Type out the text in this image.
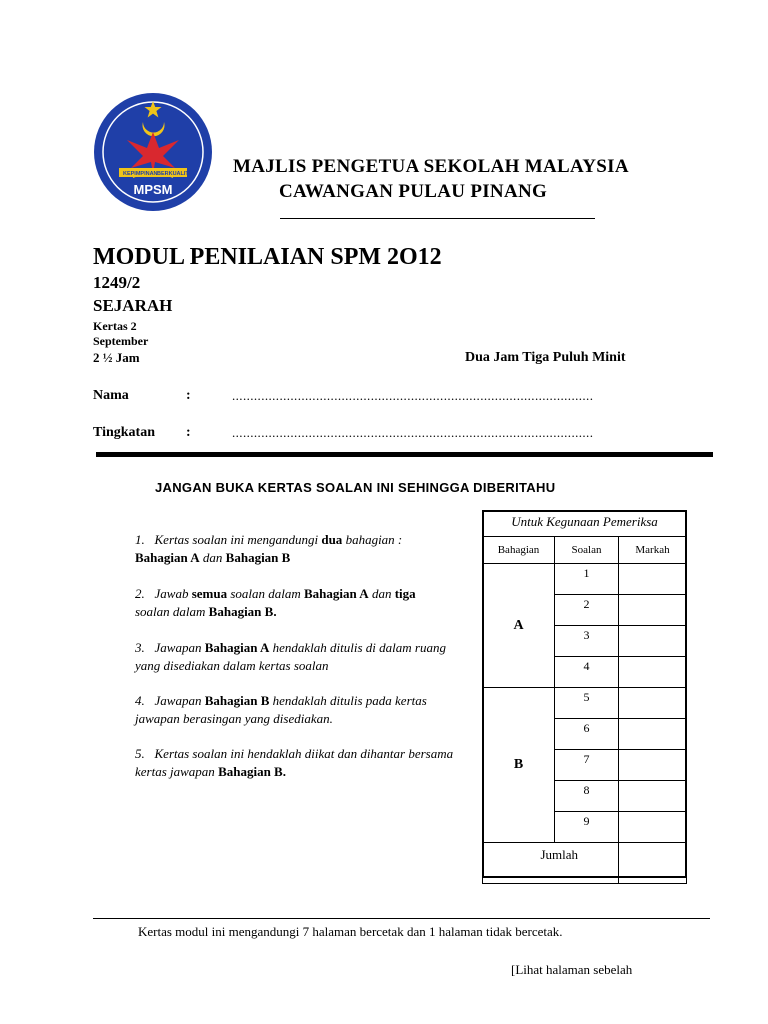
KEPIMPINAN BERKUALITI
MPSM
MAJLIS PENGETUA SEKOLAH MALAYSIA
CAWANGAN PULAU PINANG
MODUL PENILAIAN SPM 2O12
1249/2
SEJARAH
Kertas 2
September
2 ½ Jam	Dua Jam Tiga Puluh Minit
Nama	:	...................................................................................................
Tingkatan :	...................................................................................................
JANGAN BUKA KERTAS SOALAN INI SEHINGGA DIBERITAHU
1. Kertas soalan ini mengandungi dua bahagian :
Bahagian A dan Bahagian B
2. Jawab semua soalan dalam Bahagian A dan tiga
soalan dalam Bahagian B.
3. Jawapan Bahagian A hendaklah ditulis di dalam ruang yang disediakan dalam kertas soalan
4. Jawapan Bahagian B hendaklah ditulis pada kertas jawapan berasingan yang disediakan.
5. Kertas soalan ini hendaklah diikat dan dihantar bersama kertas jawapan Bahagian B.
Untuk Kegunaan Pemeriksa
Bahagian	Soalan	Markah
A	1	
	2	
	3	
	4	
B	5	
	6	
	7	
	8	
	9	
Jumlah		
Kertas modul ini mengandungi 7 halaman bercetak dan 1 halaman tidak bercetak.
[Lihat halaman sebelah
